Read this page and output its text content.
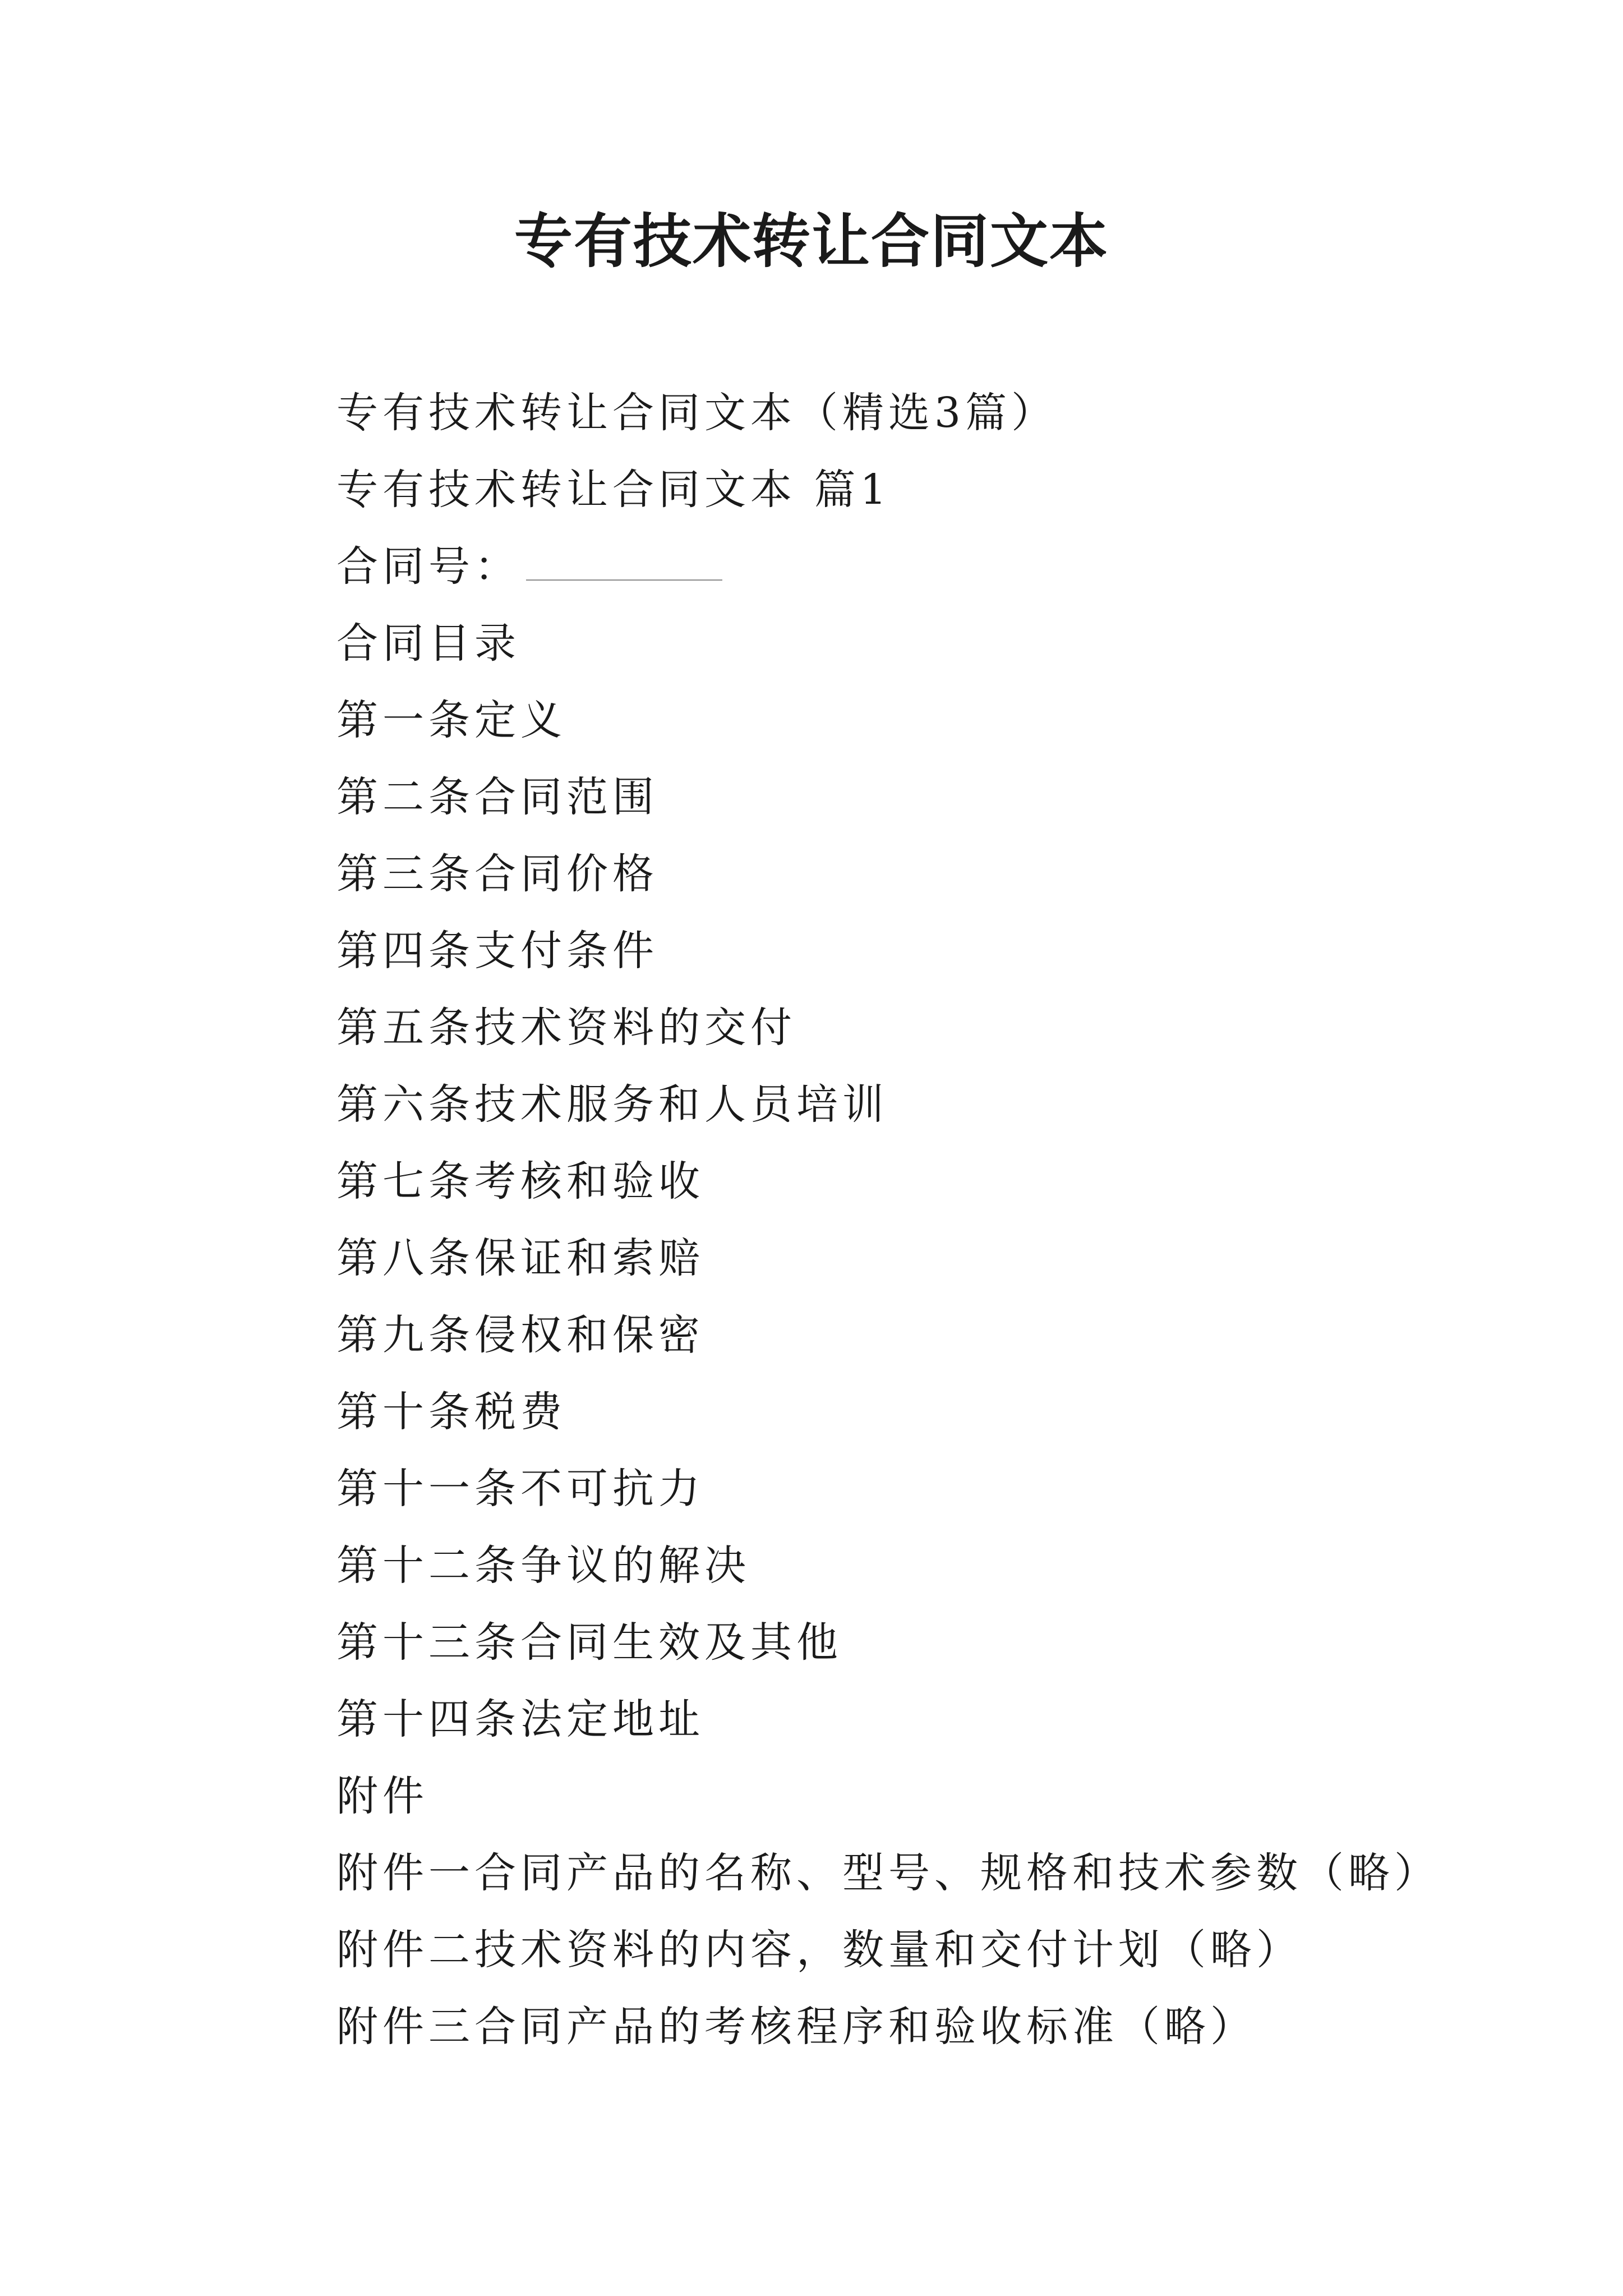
专有技术转让合同文本
专有技术转让合同文本（精选3篇）
专有技术转让合同文本 篇1
合同号：
合同目录
第一条定义
第二条合同范围
第三条合同价格
第四条支付条件
第五条技术资料的交付
第六条技术服务和人员培训
第七条考核和验收
第八条保证和索赔
第九条侵权和保密
第十条税费
第十一条不可抗力
第十二条争议的解决
第十三条合同生效及其他
第十四条法定地址
附件
附件一合同产品的名称、型号、规格和技术参数（略）
附件二技术资料的内容，数量和交付计划（略）
附件三合同产品的考核程序和验收标准（略）
